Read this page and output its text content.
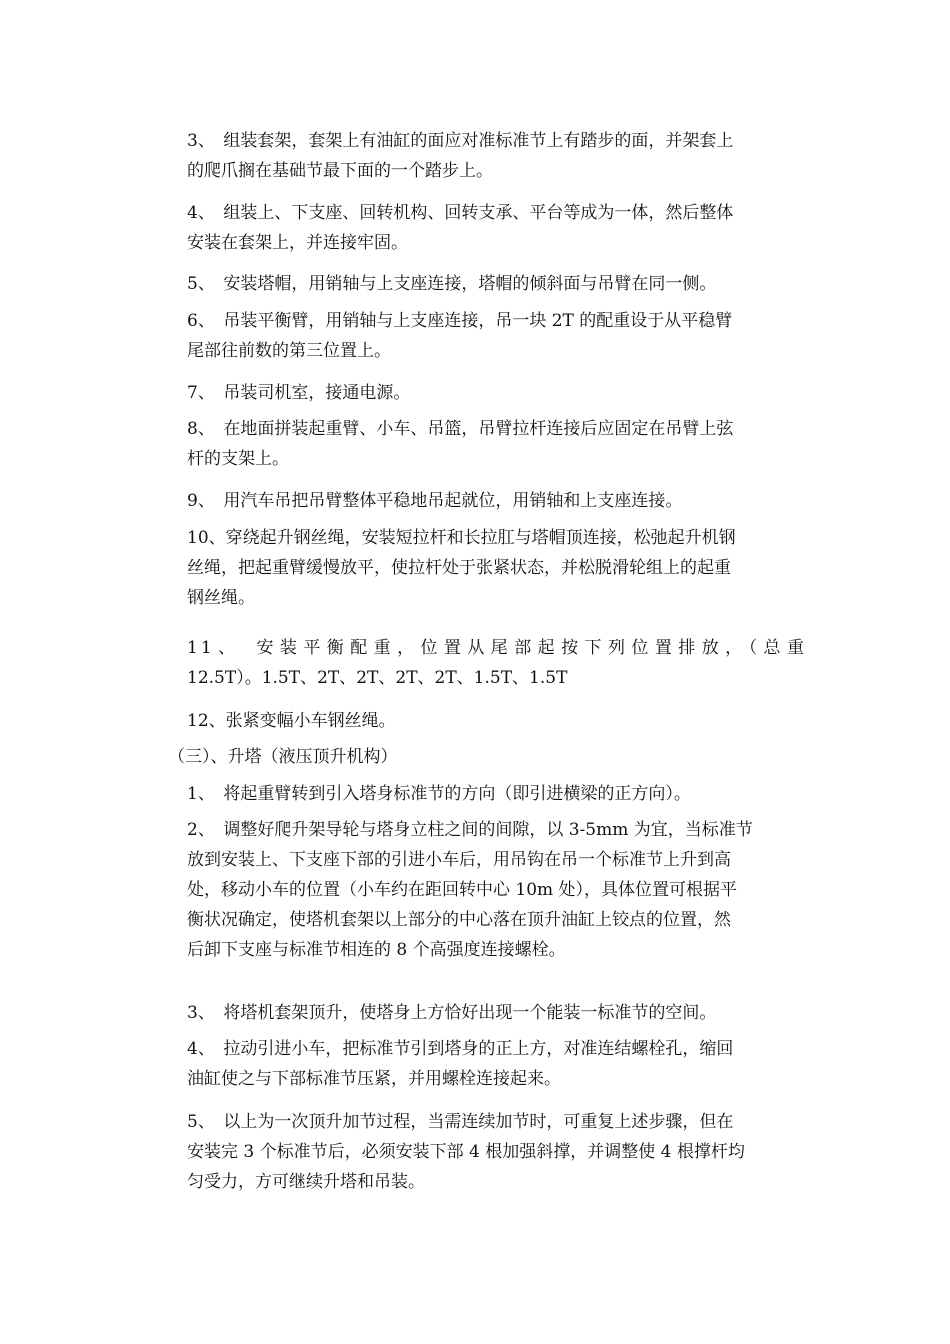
3、　组装套架，套架上有油缸的面应对准标准节上有踏步的面，并架套上
的爬爪搁在基础节最下面的一个踏步上。

4、　组装上、下支座、回转机构、回转支承、平台等成为一体，然后整体
安装在套架上，并连接牢固。

5、　安装塔帽，用销轴与上支座连接，塔帽的倾斜面与吊臂在同一侧。

6、　吊装平衡臂，用销轴与上支座连接，吊一块 2T 的配重设于从平稳臂
尾部往前数的第三位置上。

7、　吊装司机室，接通电源。

8、　在地面拼装起重臂、小车、吊篮，吊臂拉杆连接后应固定在吊臂上弦
杆的支架上。

9、　用汽车吊把吊臂整体平稳地吊起就位，用销轴和上支座连接。

10、穿绕起升钢丝绳，安装短拉杆和长拉肛与塔帽顶连接，松弛起升机钢
丝绳，把起重臂缓慢放平，使拉杆处于张紧状态，并松脱滑轮组上的起重
钢丝绳。

11、　安装平衡配重，位置从尾部起按下列位置排放，（总重
12.5T）。1.5T、2T、2T、2T、2T、1.5T、1.5T

12、张紧变幅小车钢丝绳。

（三）、升塔（液压顶升机构）

1、　将起重臂转到引入塔身标准节的方向（即引进横梁的正方向）。

2、　调整好爬升架导轮与塔身立柱之间的间隙，以 3-5mm 为宜，当标准节
放到安装上、下支座下部的引进小车后，用吊钩在吊一个标准节上升到高
处，移动小车的位置（小车约在距回转中心 10m 处），具体位置可根据平
衡状况确定，使塔机套架以上部分的中心落在顶升油缸上铰点的位置，然
后卸下支座与标准节相连的 8 个高强度连接螺栓。

3、　将塔机套架顶升，使塔身上方恰好出现一个能装一标准节的空间。

4、　拉动引进小车，把标准节引到塔身的正上方，对准连结螺栓孔，缩回
油缸使之与下部标准节压紧，并用螺栓连接起来。

5、　以上为一次顶升加节过程，当需连续加节时，可重复上述步骤，但在
安装完 3 个标准节后，必须安装下部 4 根加强斜撑，并调整使 4 根撑杆均
匀受力，方可继续升塔和吊装。
